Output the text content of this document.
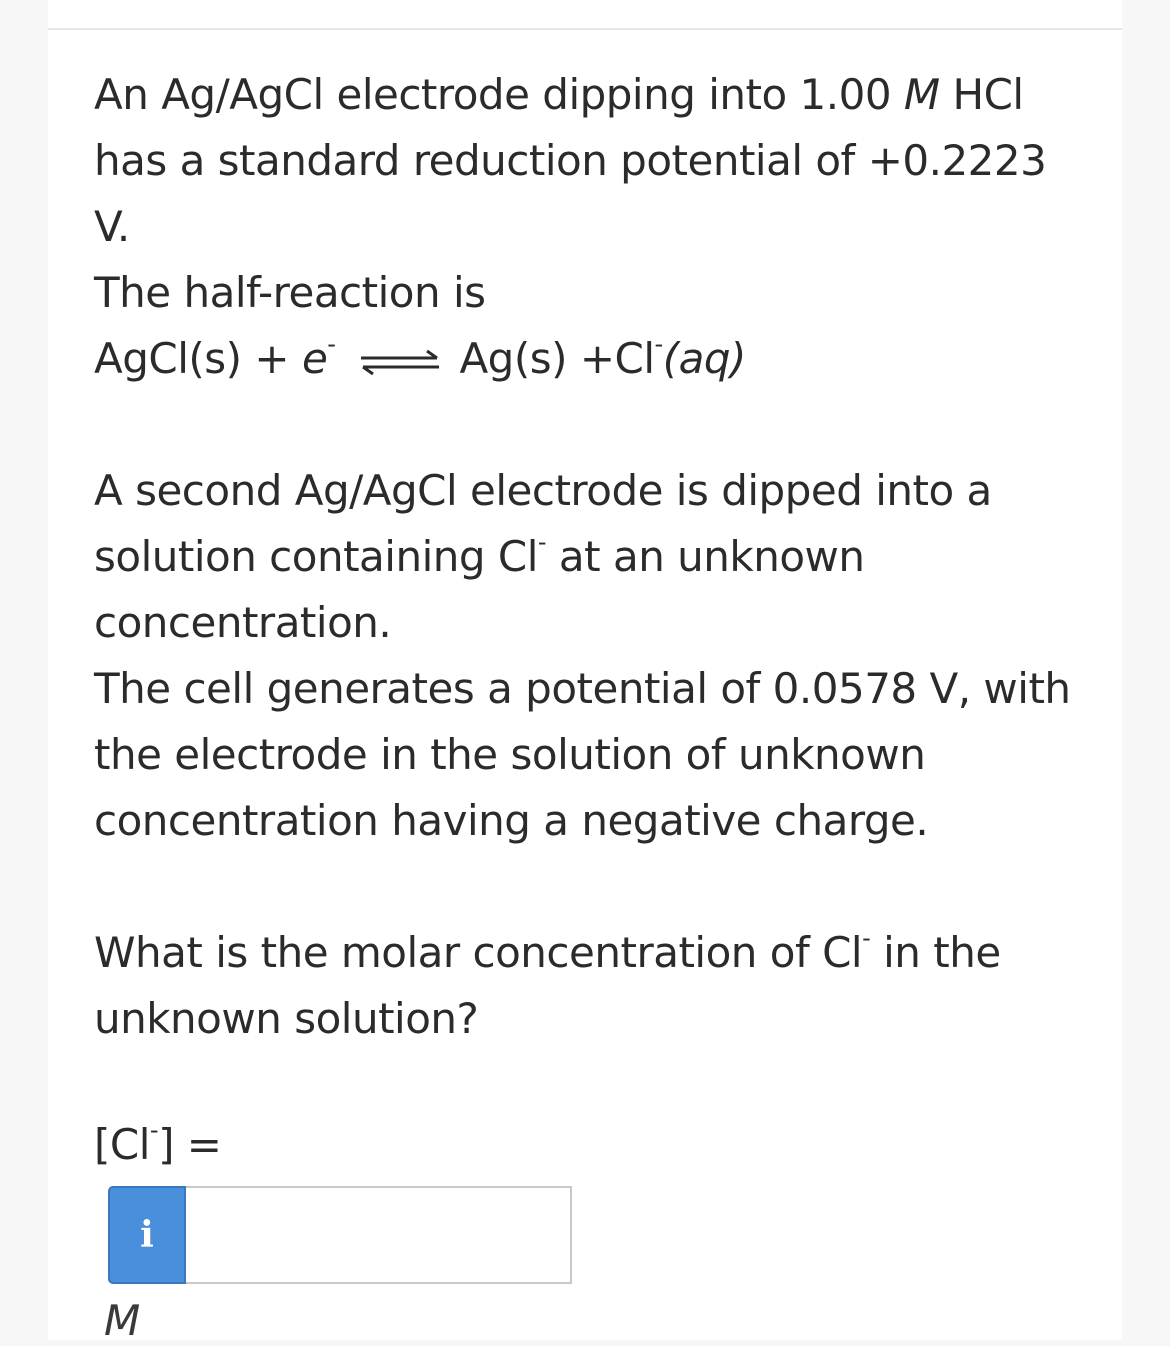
An Ag/AgCl electrode dipping into 1.00 M HCl

has a standard reduction potential of +0.2223

V.

The half-reaction is

AgCl(s) + e- ⇌ Ag(s) +Cl-(aq)

A second Ag/AgCl electrode is dipped into a

solution containing Cl- at an unknown

concentration.

The cell generates a potential of 0.0578 V, with

the electrode in the solution of unknown

concentration having a negative charge.

What is the molar concentration of Cl- in the

unknown solution?

[Cl-] =
i
M
